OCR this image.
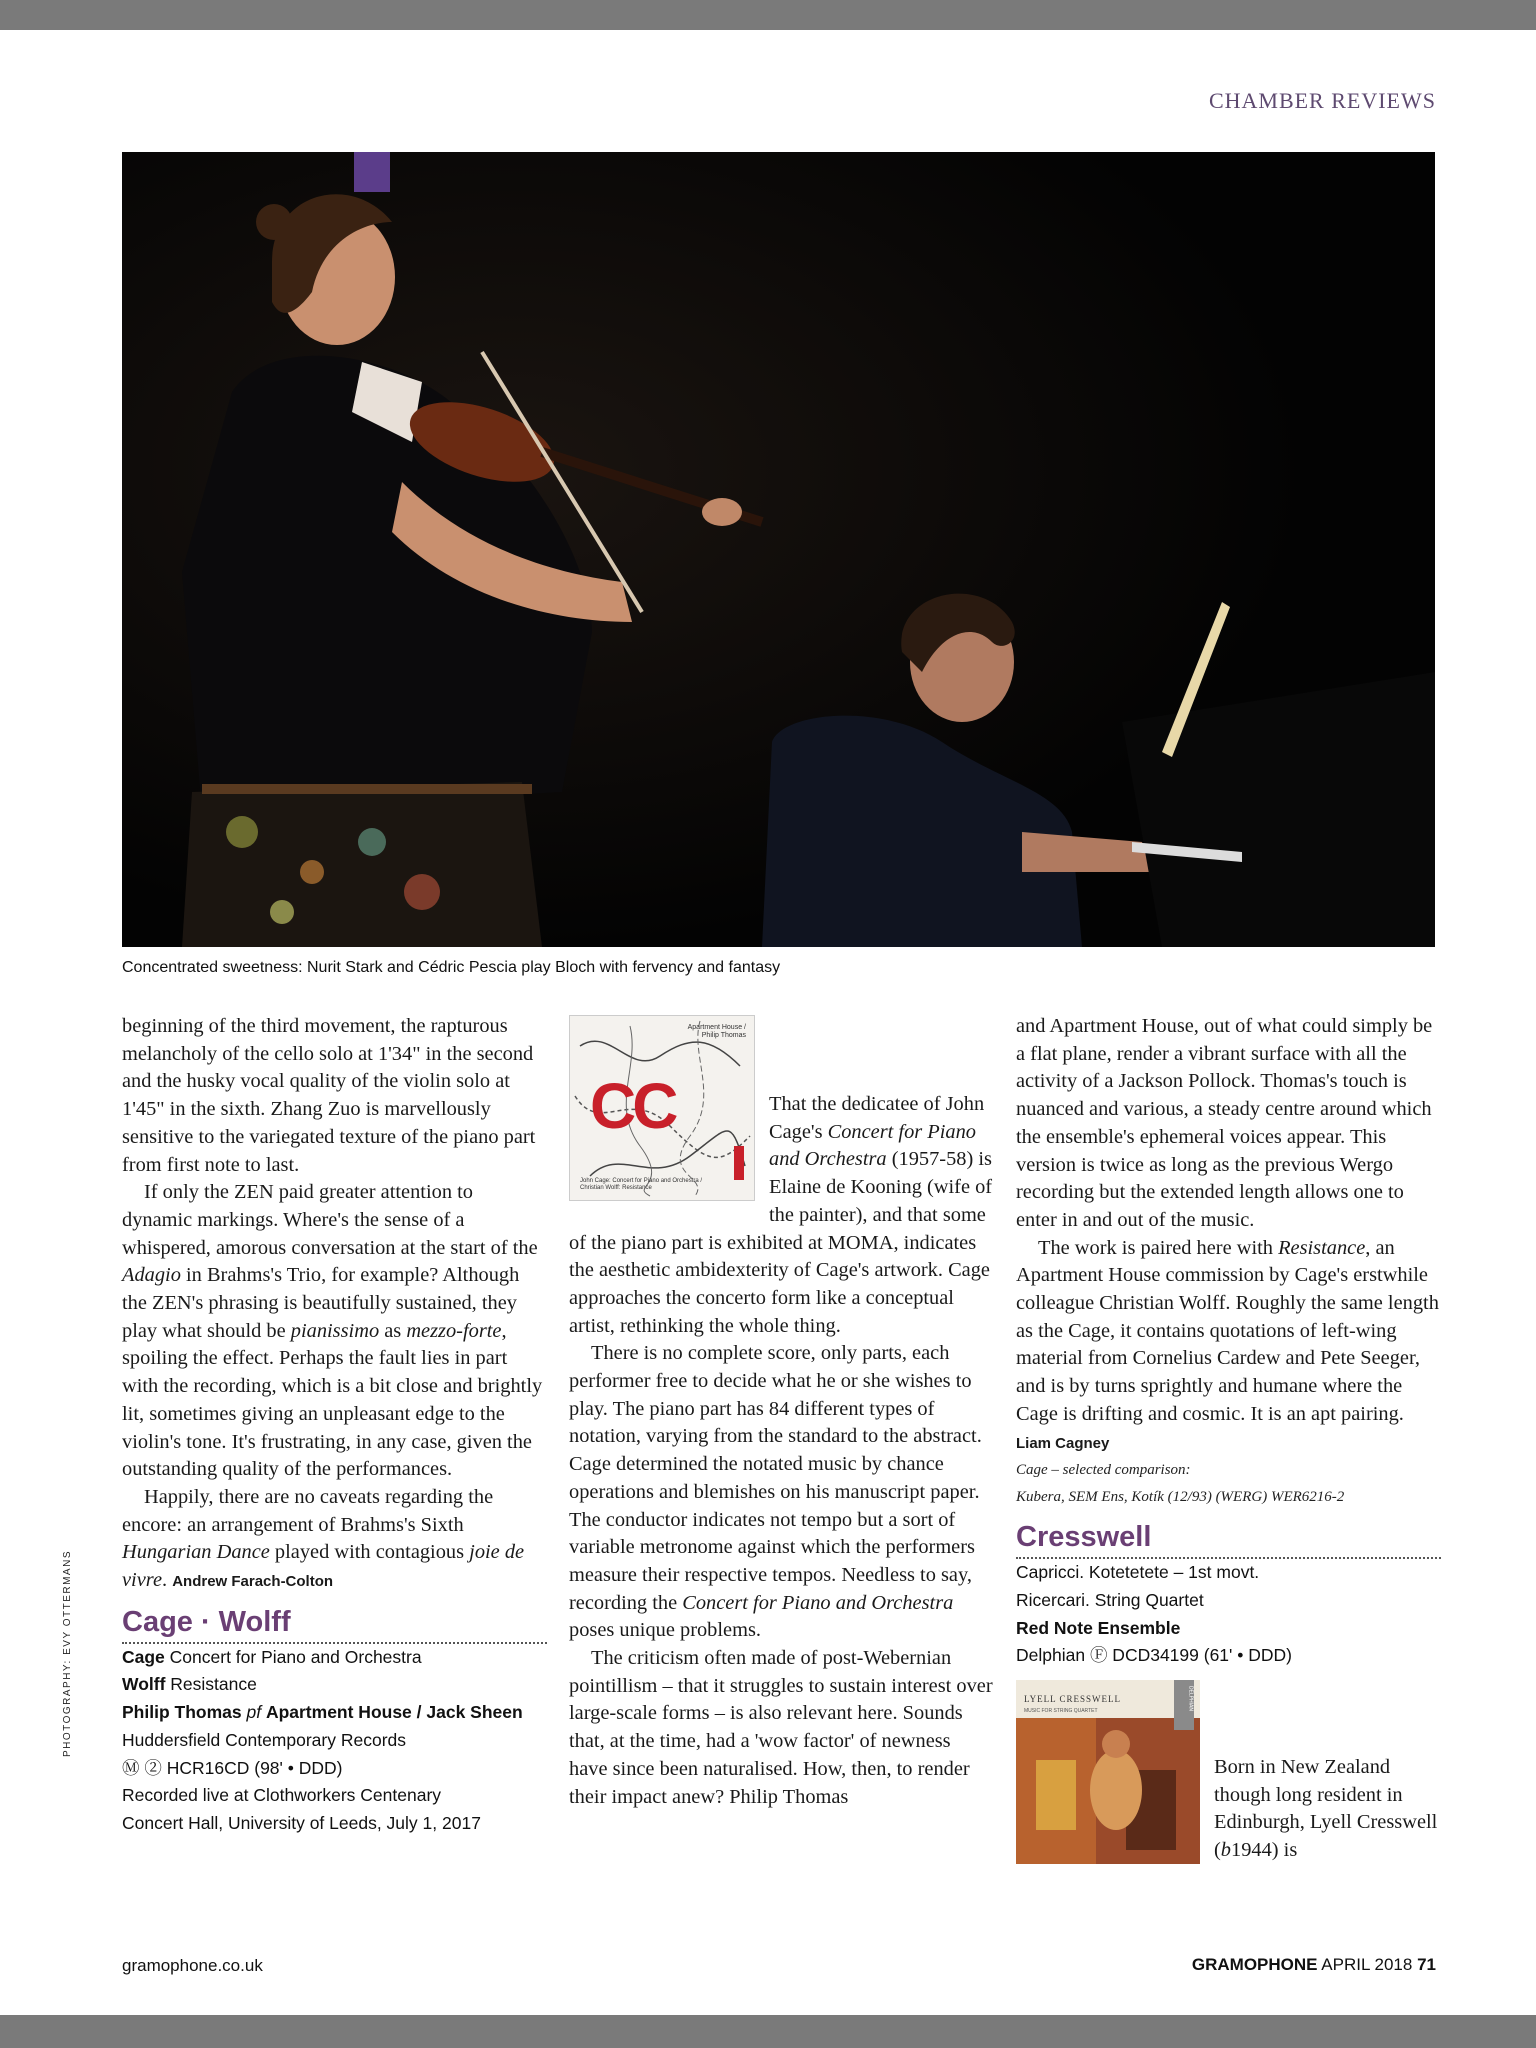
CHAMBER REVIEWS
Concentrated sweetness: Nurit Stark and Cédric Pescia play Bloch with fervency and fantasy
PHOTOGRAPHY: EVY OTTERMANS

beginning of the third movement, the rapturous melancholy of the cello solo at 1'34" in the second and the husky vocal quality of the violin solo at 1'45" in the sixth. Zhang Zuo is marvellously sensitive to the variegated texture of the piano part from first note to last.

If only the ZEN paid greater attention to dynamic markings. Where's the sense of a whispered, amorous conversation at the start of the Adagio in Brahms's Trio, for example? Although the ZEN's phrasing is beautifully sustained, they play what should be pianissimo as mezzo-forte, spoiling the effect. Perhaps the fault lies in part with the recording, which is a bit close and brightly lit, sometimes giving an unpleasant edge to the violin's tone. It's frustrating, in any case, given the outstanding quality of the performances.

Happily, there are no caveats regarding the encore: an arrangement of Brahms's Sixth Hungarian Dance played with contagious joie de vivre. Andrew Farach-Colton

Cage · Wolff
Cage Concert for Piano and Orchestra
Wolff Resistance
Philip Thomas pf Apartment House / Jack Sheen
Huddersfield Contemporary Records
Ⓜ ② HCR16CD (98' • DDD)
Recorded live at Clothworkers Centenary
Concert Hall, University of Leeds, July 1, 2017
Apartment House / Philip Thomas
CC
John Cage: Concert for Piano and Orchestra / Christian Wolff: Resistance

That the dedicatee of John Cage's Concert for Piano and Orchestra (1957-58) is Elaine de Kooning (wife of the painter), and that some of the piano part is exhibited at MOMA, indicates the aesthetic ambidexterity of Cage's artwork. Cage approaches the concerto form like a conceptual artist, rethinking the whole thing.

There is no complete score, only parts, each performer free to decide what he or she wishes to play. The piano part has 84 different types of notation, varying from the standard to the abstract. Cage determined the notated music by chance operations and blemishes on his manuscript paper. The conductor indicates not tempo but a sort of variable metronome against which the performers measure their respective tempos. Needless to say, recording the Concert for Piano and Orchestra poses unique problems.

The criticism often made of post-Webernian pointillism – that it struggles to sustain interest over large-scale forms – is also relevant here. Sounds that, at the time, had a 'wow factor' of newness have since been naturalised. How, then, to render their impact anew? Philip Thomas

and Apartment House, out of what could simply be a flat plane, render a vibrant surface with all the activity of a Jackson Pollock. Thomas's touch is nuanced and various, a steady centre around which the ensemble's ephemeral voices appear. This version is twice as long as the previous Wergo recording but the extended length allows one to enter in and out of the music.

The work is paired here with Resistance, an Apartment House commission by Cage's erstwhile colleague Christian Wolff. Roughly the same length as the Cage, it contains quotations of left-wing material from Cornelius Cardew and Pete Seeger, and is by turns sprightly and humane where the Cage is drifting and cosmic. It is an apt pairing. Liam Cagney

Cage – selected comparison:
Kubera, SEM Ens, Kotík (12/93) (WERG) WER6216-2
Cresswell
Capricci. Kotetetete – 1st movt.
Ricercari. String Quartet
Red Note Ensemble
Delphian Ⓕ DCD34199 (61' • DDD)
LYELL CRESSWELL
MUSIC FOR STRING QUARTET	DELPHIAN

Born in New Zealand though long resident in Edinburgh, Lyell Cresswell (b1944) is

gramophone.co.uk	GRAMOPHONE APRIL 2018 71
